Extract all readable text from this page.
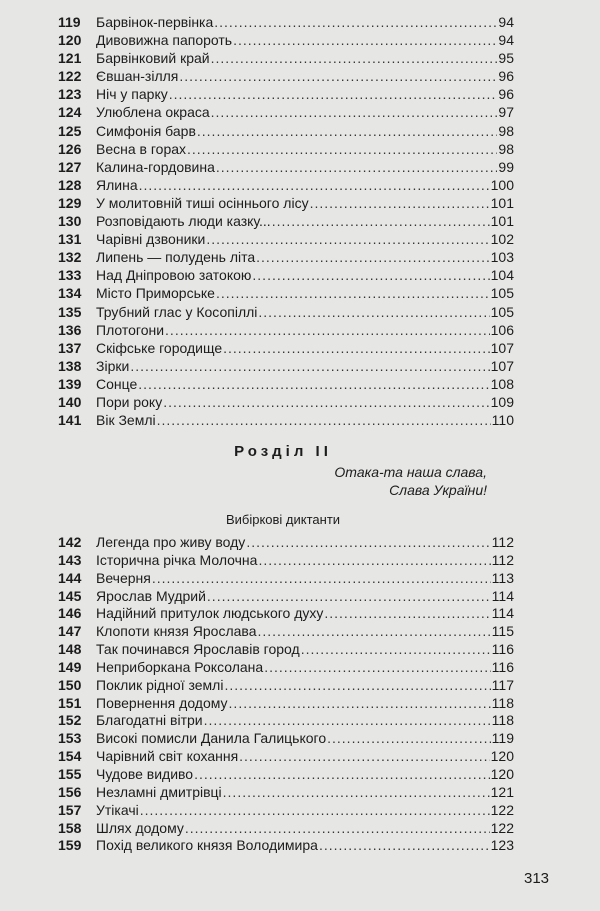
119	Барвінок-первінка .....	94
120	Дивовижна папороть .....	94
121	Барвінковий край .....	95
122	Євшан-зілля .....	96
123	Ніч у парку .....	96
124	Улюблена окраса .....	97
125	Симфонія барв .....	98
126	Весна в горах .....	98
127	Калина-гордовина .....	99
128	Ялина .....	100
129	У молитовній тиші осіннього лісу .....	101
130	Розповідають люди казку... .....	101
131	Чарівні дзвоники .....	102
132	Липень — полудень літа .....	103
133	Над Дніпровою затокою .....	104
134	Місто Приморське .....	105
135	Трубний глас у Косопіллі .....	105
136	Плотогони .....	106
137	Скіфське городище .....	107
138	Зірки .....	107
139	Сонце .....	108
140	Пори року .....	109
141	Вік Землі .....	110
Розділ II
Отака-та наша слава,
Слава України!
Вибіркові диктанти
142	Легенда про живу воду .....	112
143	Історична річка Молочна .....	112
144	Вечерня .....	113
145	Ярослав Мудрий .....	114
146	Надійний притулок людського духу .....	114
147	Клопоти князя Ярослава .....	115
148	Так починався Ярославів город .....	116
149	Неприборкана Роксолана .....	116
150	Поклик рідної землі .....	117
151	Повернення додому .....	118
152	Благодатні вітри .....	118
153	Високі помисли Данила Галицького .....	119
154	Чарівний світ кохання .....	120
155	Чудове видиво .....	120
156	Незламні дмитрівці .....	121
157	Утікачі .....	122
158	Шлях додому .....	122
159	Похід великого князя Володимира .....	123
313
